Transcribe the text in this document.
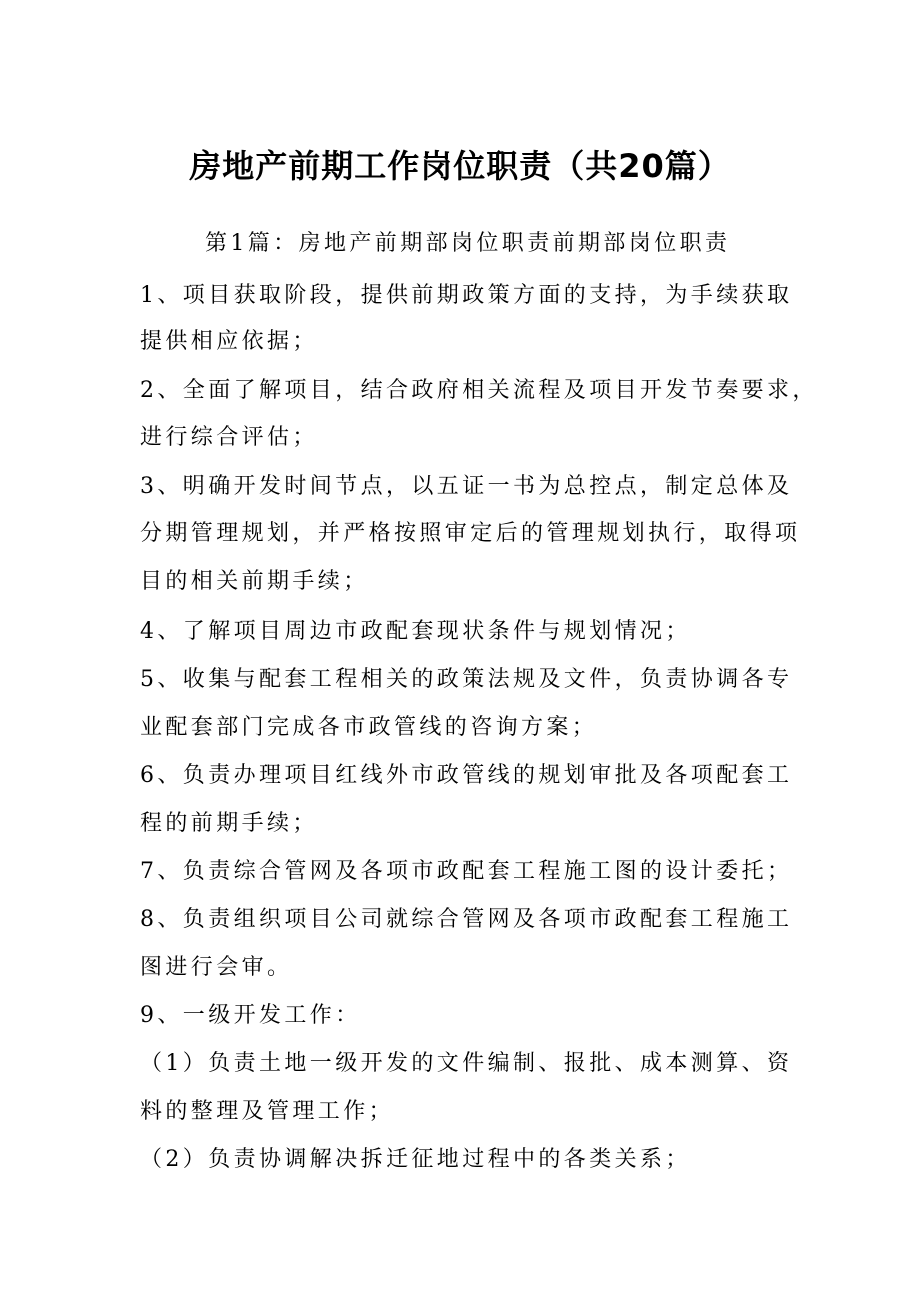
房地产前期工作岗位职责（共20篇）
第1篇：房地产前期部岗位职责前期部岗位职责
1、项目获取阶段，提供前期政策方面的支持，为手续获取
提供相应依据；
2、全面了解项目，结合政府相关流程及项目开发节奏要求，
进行综合评估；
3、明确开发时间节点，以五证一书为总控点，制定总体及
分期管理规划，并严格按照审定后的管理规划执行，取得项
目的相关前期手续；
4、了解项目周边市政配套现状条件与规划情况；
5、收集与配套工程相关的政策法规及文件，负责协调各专
业配套部门完成各市政管线的咨询方案；
6、负责办理项目红线外市政管线的规划审批及各项配套工
程的前期手续；
7、负责综合管网及各项市政配套工程施工图的设计委托；
8、负责组织项目公司就综合管网及各项市政配套工程施工
图进行会审。
9、一级开发工作：
（1）负责土地一级开发的文件编制、报批、成本测算、资
料的整理及管理工作；
（2）负责协调解决拆迁征地过程中的各类关系；
